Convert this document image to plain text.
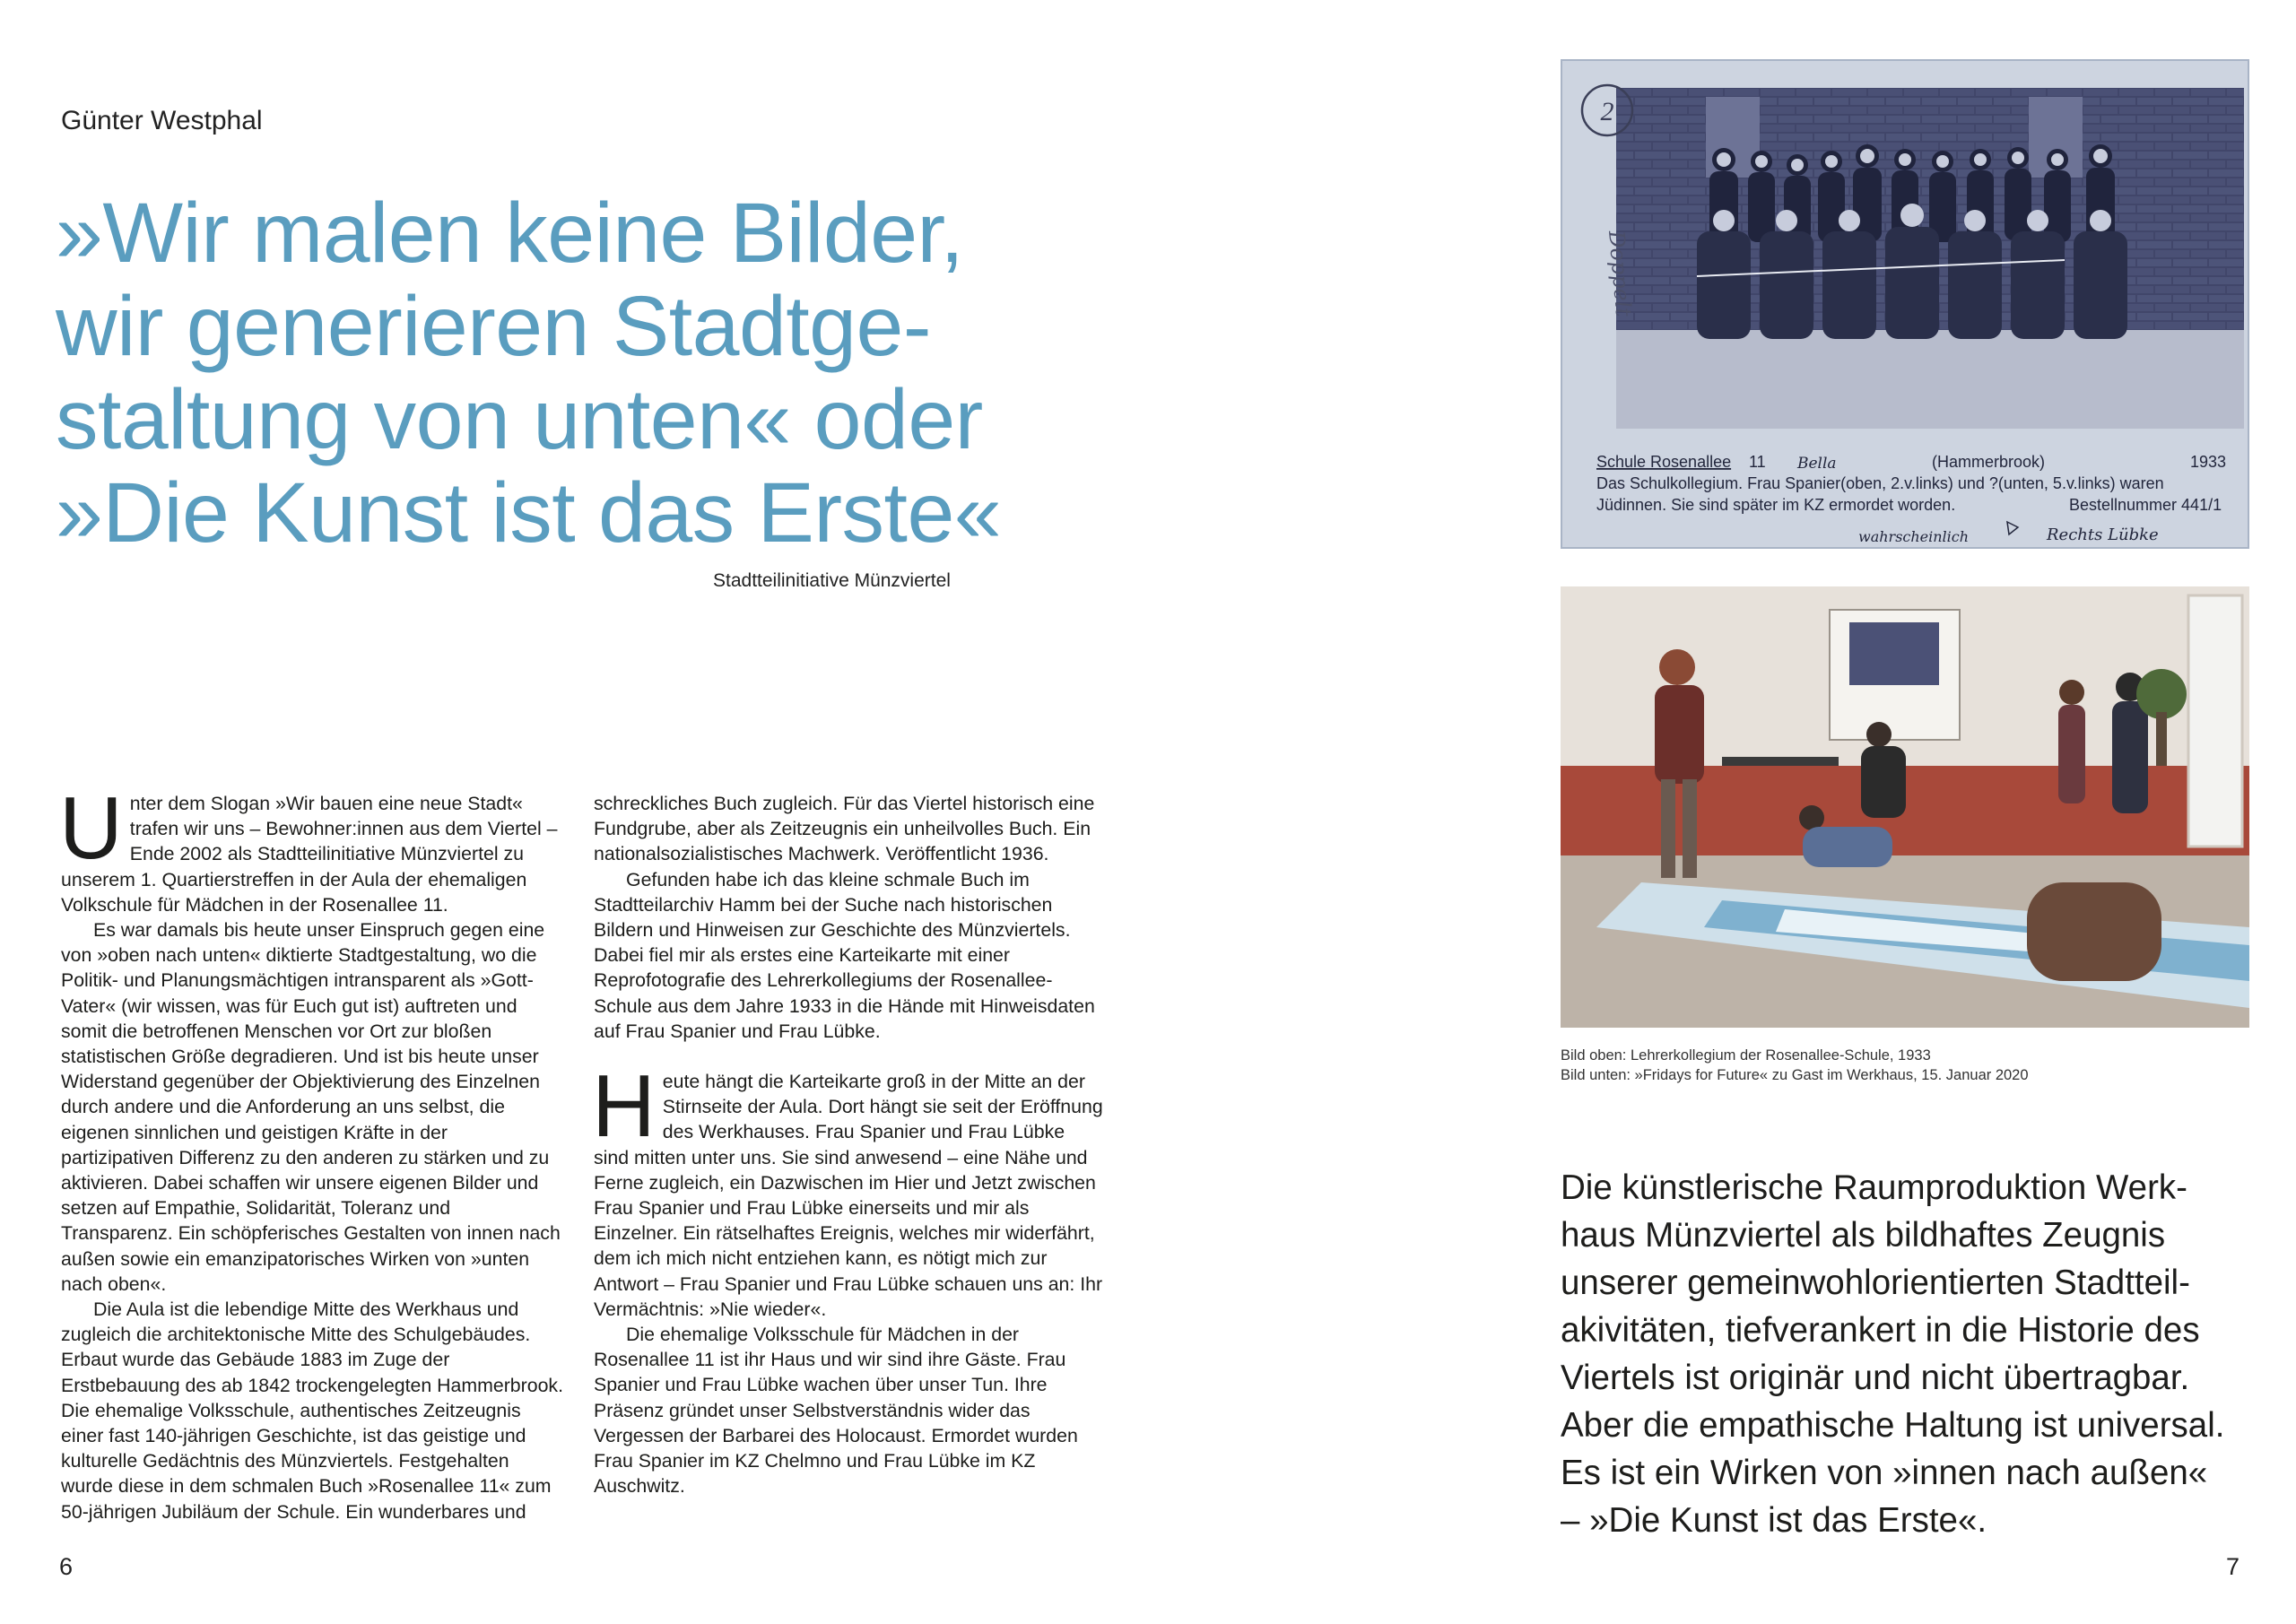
Günter Westphal
»Wir malen keine Bilder,
wir generieren Stadtge-
staltung von unten« oder
»Die Kunst ist das Erste«
Stadtteilinitiative Münzviertel

Unter dem Slogan »Wir bauen eine neue Stadt« trafen wir uns – Bewohner:innen aus dem Viertel – Ende 2002 als Stadtteilinitiative Münzviertel zu unserem 1. Quartierstreffen in der Aula der ehemaligen Volkschule für Mädchen in der Rosenallee 11.

Es war damals bis heute unser Einspruch gegen eine von »oben nach unten« diktierte Stadtgestaltung, wo die Politik- und Planungsmächtigen intransparent als »Gott-Vater« (wir wissen, was für Euch gut ist) auftreten und somit die betroffenen Menschen vor Ort zur bloßen statistischen Größe degradieren. Und ist bis heute unser Widerstand gegenüber der Objektivierung des Einzelnen durch andere und die Anforderung an uns selbst, die eigenen sinnlichen und geistigen Kräfte in der partizipativen Differenz zu den anderen zu stärken und zu aktivieren. Dabei schaffen wir unsere eigenen Bilder und setzen auf Empathie, Solidarität, Toleranz und Transparenz. Ein schöpferisches Gestalten von innen nach außen sowie ein emanzipatorisches Wirken von »unten nach oben«.

Die Aula ist die lebendige Mitte des Werkhaus und zugleich die architektonische Mitte des Schulgebäudes. Erbaut wurde das Gebäude 1883 im Zuge der Erstbebauung des ab 1842 trockengelegten Hammerbrook.

Die ehemalige Volksschule, authentisches Zeitzeugnis einer fast 140-jährigen Geschichte, ist das geistige und kulturelle Gedächtnis des Münzviertels. Festgehalten wurde diese in dem schmalen Buch »Rosenallee 11« zum 50-jährigen Jubiläum der Schule. Ein wunderbares und

schreckliches Buch zugleich. Für das Viertel historisch eine Fundgrube, aber als Zeitzeugnis ein unheilvolles Buch. Ein nationalsozialistisches Machwerk. Veröffentlicht 1936.

Gefunden habe ich das kleine schmale Buch im Stadtteilarchiv Hamm bei der Suche nach historischen Bildern und Hinweisen zur Geschichte des Münzviertels. Dabei fiel mir als erstes eine Karteikarte mit einer Reprofotografie des Lehrerkollegiums der Rosenallee-Schule aus dem Jahre 1933 in die Hände mit Hinweisdaten auf Frau Spanier und Frau Lübke.

Heute hängt die Karteikarte groß in der Mitte an der Stirnseite der Aula. Dort hängt sie seit der Eröffnung des Werkhauses. Frau Spanier und Frau Lübke sind mitten unter uns. Sie sind anwesend – eine Nähe und Ferne zugleich, ein Dazwischen im Hier und Jetzt zwischen Frau Spanier und Frau Lübke einerseits und mir als Einzelner. Ein rätselhaftes Ereignis, welches mir widerfährt, dem ich mich nicht entziehen kann, es nötigt mich zur Antwort – Frau Spanier und Frau Lübke schauen uns an: Ihr Vermächtnis: »Nie wieder«.

Die ehemalige Volksschule für Mädchen in der Rosenallee 11 ist ihr Haus und wir sind ihre Gäste. Frau Spanier und Frau Lübke wachen über unser Tun. Ihre Präsenz gründet unser Selbstverständnis wider das Vergessen der Barbarei des Holocaust. Ermordet wurden Frau Spanier im KZ Chelmno und Frau Lübke im KZ Auschwitz.

6
2
Doppelt
Schule Rosenallee 11 Bella	(Hammerbrook)	1933
Das Schulkollegium. Frau Spanier(oben, 2.v.links) und ?(unten, 5.v.links) waren
Jüdinnen. Sie sind später im KZ ermordet worden.	Bestellnummer 441/1
wahrscheinlich	Rechts Lübke
Bild oben: Lehrerkollegium der Rosenallee-Schule, 1933
Bild unten: »Fridays for Future« zu Gast im Werkhaus, 15. Januar 2020
Die künstlerische Raumproduktion Werk-
haus Münzviertel als bildhaftes Zeugnis
unserer gemeinwohlorientierten Stadtteil-
akivitäten, tiefverankert in die Historie des
Viertels ist originär und nicht übertragbar.
Aber die empathische Haltung ist universal.
Es ist ein Wirken von »innen nach außen«
– »Die Kunst ist das Erste«.
7
